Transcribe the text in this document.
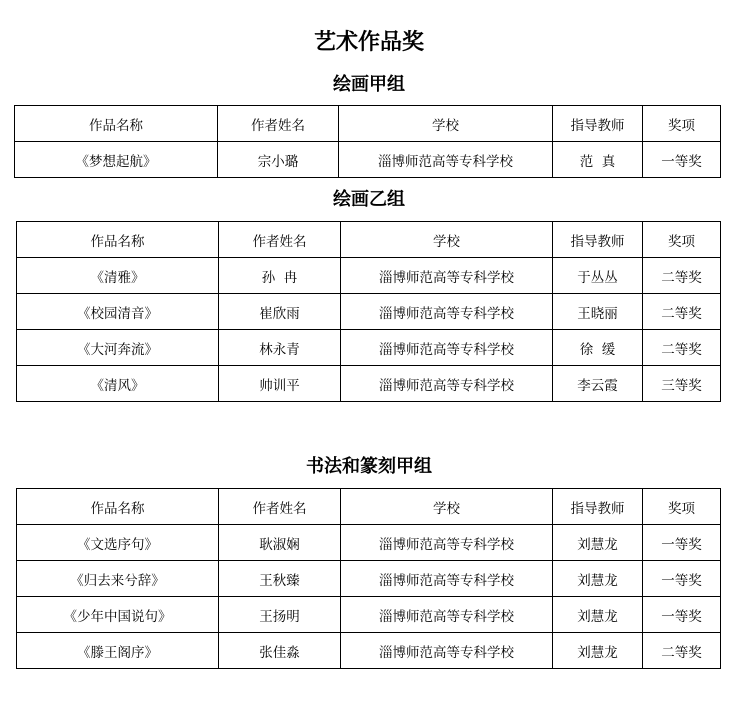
艺术作品奖
绘画甲组
作品名称	作者姓名	学校	指导教师	奖项
《梦想起航》	宗小璐	淄博师范高等专科学校	范  真	一等奖
绘画乙组
作品名称	作者姓名	学校	指导教师	奖项
《清雅》	孙  冉	淄博师范高等专科学校	于丛丛	二等奖
《校园清音》	崔欣雨	淄博师范高等专科学校	王晓丽	二等奖
《大河奔流》	林永青	淄博师范高等专科学校	徐  缓	二等奖
《清风》	帅训平	淄博师范高等专科学校	李云霞	三等奖
书法和篆刻甲组
作品名称	作者姓名	学校	指导教师	奖项
《文选序句》	耿淑娴	淄博师范高等专科学校	刘慧龙	一等奖
《归去来兮辞》	王秋臻	淄博师范高等专科学校	刘慧龙	一等奖
《少年中国说句》	王扬明	淄博师范高等专科学校	刘慧龙	一等奖
《滕王阁序》	张佳淼	淄博师范高等专科学校	刘慧龙	二等奖
